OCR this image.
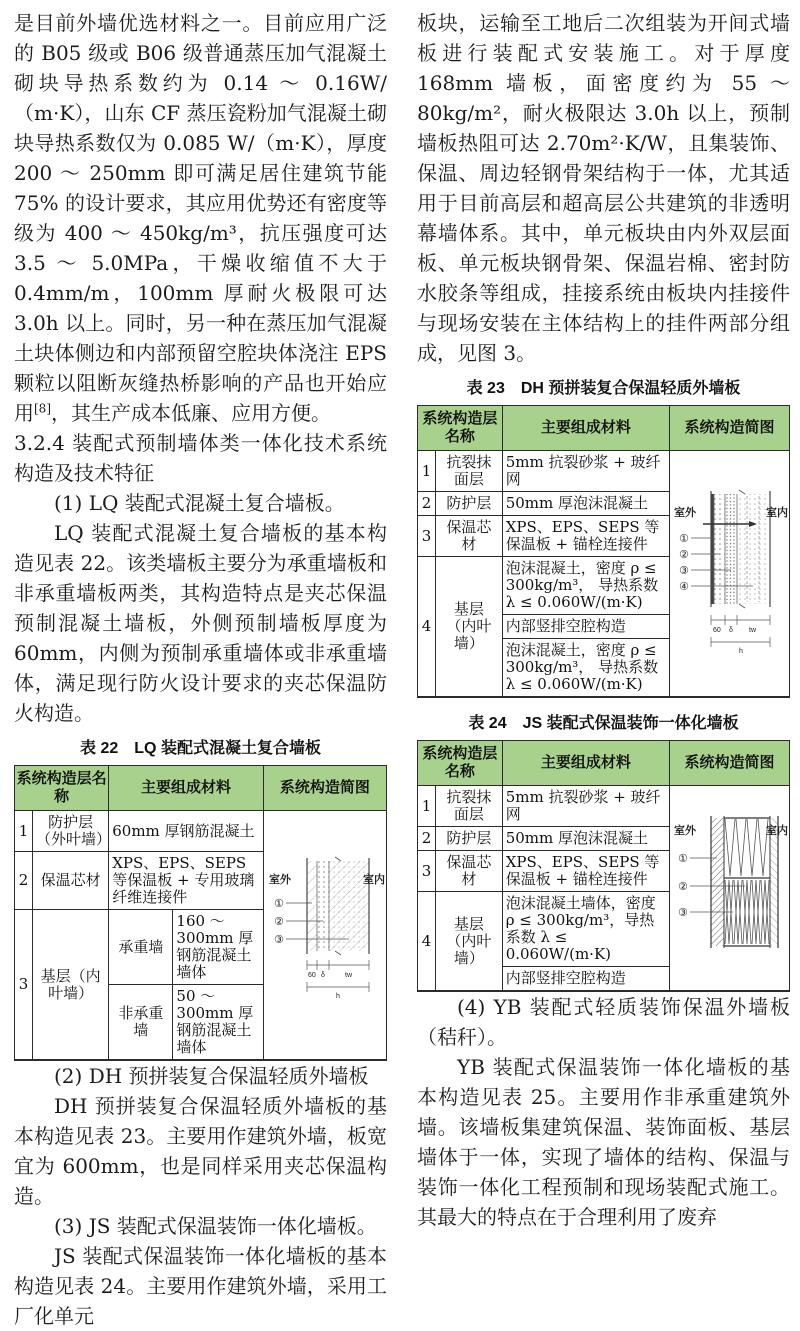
是目前外墙优选材料之一。目前应用广泛的 B05 级或 B06 级普通蒸压加气混凝土砌块导热系数约为 0.14 ～ 0.16W/（m·K），山东 CF 蒸压瓷粉加气混凝土砌块导热系数仅为 0.085 W/（m·K），厚度 200 ～ 250mm 即可满足居住建筑节能 75% 的设计要求，其应用优势还有密度等级为 400 ～ 450kg/m³，抗压强度可达 3.5 ～ 5.0MPa，干燥收缩值不大于 0.4mm/m，100mm 厚耐火极限可达 3.0h 以上。同时，另一种在蒸压加气混凝土块体侧边和内部预留空腔块体浇注 EPS 颗粒以阻断灰缝热桥影响的产品也开始应用[8]，其生产成本低廉、应用方便。

3.2.4 装配式预制墙体类一体化技术系统构造及技术特征

(1) LQ 装配式混凝土复合墙板。

LQ 装配式混凝土复合墙板的基本构造见表 22。该类墙板主要分为承重墙板和非承重墙板两类，其构造特点是夹芯保温预制混凝土墙板，外侧预制墙板厚度为 60mm，内侧为预制承重墙体或非承重墙体，满足现行防火设计要求的夹芯保温防火构造。

表 22　LQ 装配式混凝土复合墙板
系统构造层名称		主要组成材料		系统构造简图
1	防护层（外叶墙）	60mm 厚钢筋混凝土	
室外	室内
①
②
③
60 δ	tw
h

2	保温芯材	XPS、EPS、SEPS 等保温板 + 专用玻璃纤维连接件		
3	基层（内叶墙）	承重墙	160 ～ 300mm 厚钢筋混凝土墙体	
		非承重墙	50 ～ 300mm 厚钢筋混凝土墙体	

(2) DH 预拼装复合保温轻质外墙板

DH 预拼装复合保温轻质外墙板的基本构造见表 23。主要用作建筑外墙，板宽宜为 600mm，也是同样采用夹芯保温构造。

(3) JS 装配式保温装饰一体化墙板。

JS 装配式保温装饰一体化墙板的基本构造见表 24。主要用作建筑外墙，采用工厂化单元

板块，运输至工地后二次组装为开间式墙板进行装配式安装施工。对于厚度 168mm 墙板，面密度约为 55 ～ 80kg/m²，耐火极限达 3.0h 以上，预制墙板热阻可达 2.70m²·K/W，且集装饰、保温、周边轻钢骨架结构于一体，尤其适用于目前高层和超高层公共建筑的非透明幕墙体系。其中，单元板块由内外双层面板、单元板块钢骨架、保温岩棉、密封防水胶条等组成，挂接系统由板块内挂接件与现场安装在主体结构上的挂件两部分组成，见图 3。

表 23　DH 预拼装复合保温轻质外墙板
系统构造层名称		主要组成材料	系统构造简图
1	抗裂抹面层	5mm 抗裂砂浆 + 玻纤网	
室外	室内
①
②
③
④
60 δ tw
h

2	防护层	50mm 厚泡沫混凝土	
3	保温芯材	XPS、EPS、SEPS 等保温板 + 锚栓连接件	
4	基层（内叶墙）	泡沫混凝土，密度 ρ ≤ 300kg/m³， 导热系数 λ ≤ 0.060W/(m·K)	
		内部竖排空腔构造	
		泡沫混凝土，密度 ρ ≤ 300kg/m³， 导热系数 λ ≤ 0.060W/(m·K)	
表 24　JS 装配式保温装饰一体化墙板
系统构造层名称		主要组成材料	系统构造简图
1	抗裂抹面层	5mm 抗裂砂浆 + 玻纤网	室外 室内
①
②
③

2	防护层	50mm 厚泡沫混凝土	
3	保温芯材	XPS、EPS、SEPS 等保温板 + 锚栓连接件	
4	基层（内叶墙）	泡沫混凝土墙体，密度 ρ ≤ 300kg/m³，导热系数 λ ≤ 0.060W/(m·K)	
		内部竖排空腔构造	

(4) YB 装配式轻质装饰保温外墙板（秸秆）。

YB 装配式保温装饰一体化墙板的基本构造见表 25。主要用作非承重建筑外墙。该墙板集建筑保温、装饰面板、基层墙体于一体，实现了墙体的结构、保温与装饰一体化工程预制和现场装配式施工。其最大的特点在于合理利用了废弃
